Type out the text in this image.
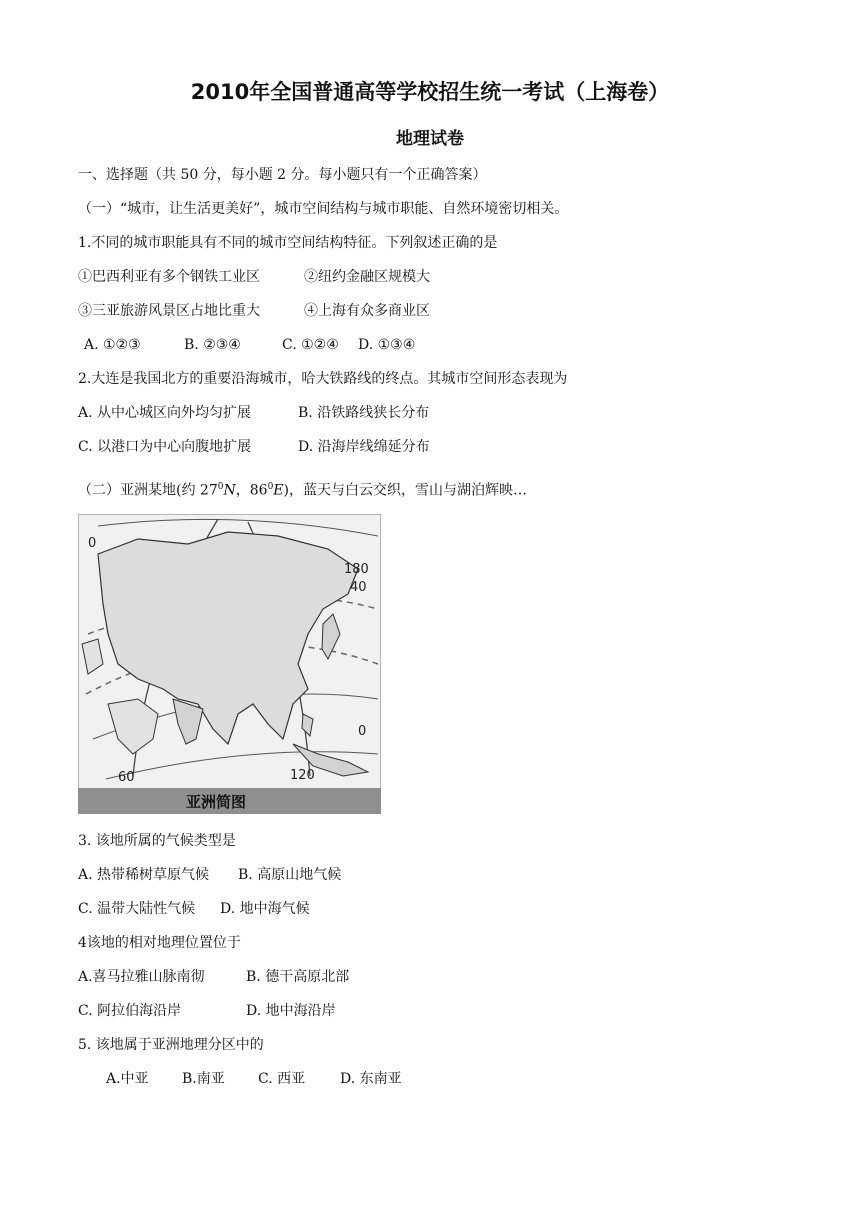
2010年全国普通高等学校招生统一考试（上海卷）
地理试卷
一、选择题（共 50 分，每小题 2 分。每小题只有一个正确答案）
（一）“城市，让生活更美好”，城市空间结构与城市职能、自然环境密切相关。
1.不同的城市职能具有不同的城市空间结构特征。下列叙述正确的是
①巴西利亚有多个钢铁工业区	②纽约金融区规模大
③三亚旅游风景区占地比重大	④上海有众多商业区
A. ①②③	B. ②③④	C. ①②④ D. ①③④
2.大连是我国北方的重要沿海城市，哈大铁路线的终点。其城市空间形态表现为
A. 从中心城区向外均匀扩展	B. 沿铁路线狭长分布
C. 以港口为中心向腹地扩展	D. 沿海岸线绵延分布
（二）亚洲某地(约 $27^0N$，$86^0E$)，蓝天与白云交织，雪山与湖泊辉映…
0
180
40
0
60	120
亚洲简图
3. 该地所属的气候类型是
A. 热带稀树草原气候 B. 高原山地气候
C. 温带大陆性气候 D. 地中海气候
4该地的相对地理位置位于
A.喜马拉雅山脉南彻	B. 德干高原北部
C. 阿拉伯海沿岸	D. 地中海沿岸
5. 该地属于亚洲地理分区中的
A.中亚 B.南亚 C. 西亚 D. 东南亚
